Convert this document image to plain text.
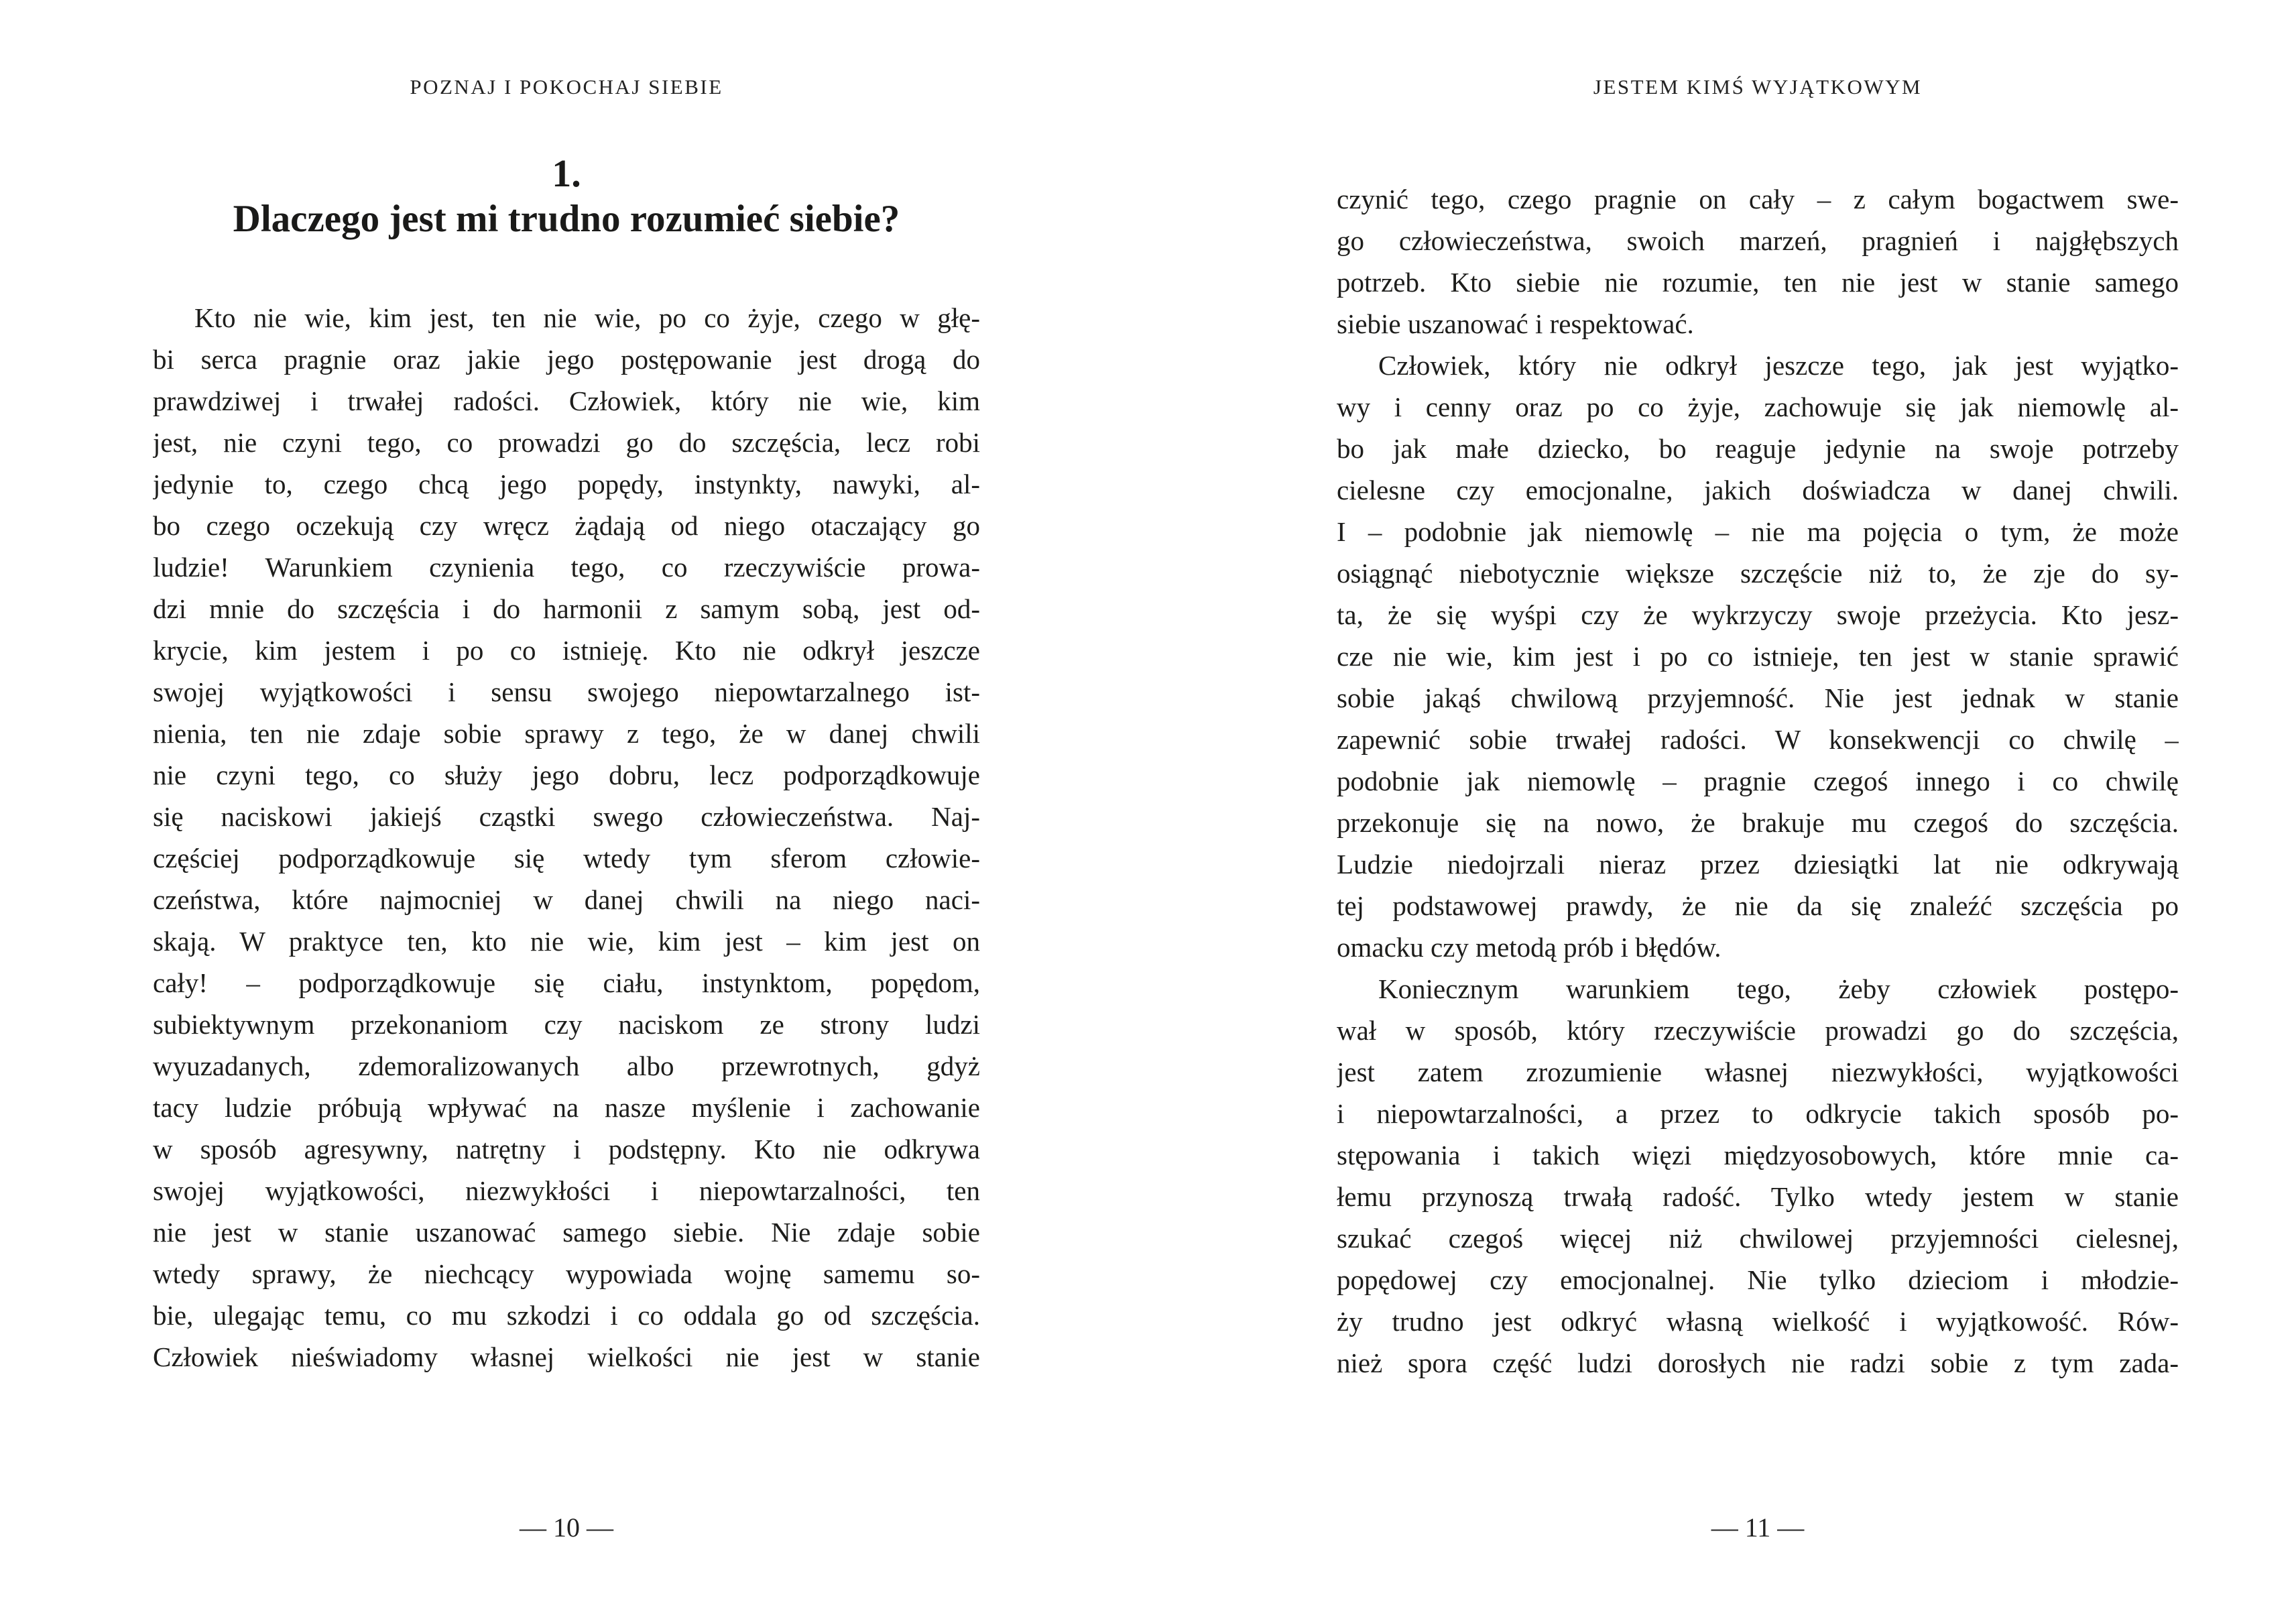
POZNAJ I POKOCHAJ SIEBIE
1.
Dlaczego jest mi trudno rozumieć siebie?
Kto nie wie, kim jest, ten nie wie, po co żyje, czego w głę-
bi serca pragnie oraz jakie jego postępowanie jest drogą do
prawdziwej i trwałej radości. Człowiek, który nie wie, kim
jest, nie czyni tego, co prowadzi go do szczęścia, lecz robi
jedynie to, czego chcą jego popędy, instynkty, nawyki, al-
bo czego oczekują czy wręcz żądają od niego otaczający go
ludzie! Warunkiem czynienia tego, co rzeczywiście prowa-
dzi mnie do szczęścia i do harmonii z samym sobą, jest od-
krycie, kim jestem i po co istnieję. Kto nie odkrył jeszcze
swojej wyjątkowości i sensu swojego niepowtarzalnego ist-
nienia, ten nie zdaje sobie sprawy z tego, że w danej chwili
nie czyni tego, co służy jego dobru, lecz podporządkowuje
się naciskowi jakiejś cząstki swego człowieczeństwa. Naj-
częściej podporządkowuje się wtedy tym sferom człowie-
czeństwa, które najmocniej w danej chwili na niego naci-
skają. W praktyce ten, kto nie wie, kim jest – kim jest on
cały! – podporządkowuje się ciału, instynktom, popędom,
subiektywnym przekonaniom czy naciskom ze strony ludzi
wyuzadanych, zdemoralizowanych albo przewrotnych, gdyż
tacy ludzie próbują wpływać na nasze myślenie i zachowanie
w sposób agresywny, natrętny i podstępny. Kto nie odkrywa
swojej wyjątkowości, niezwykłości i niepowtarzalności, ten
nie jest w stanie uszanować samego siebie. Nie zdaje sobie
wtedy sprawy, że niechcący wypowiada wojnę samemu so-
bie, ulegając temu, co mu szkodzi i co oddala go od szczęścia.
Człowiek nieświadomy własnej wielkości nie jest w stanie
— 10 —
JESTEM KIMŚ WYJĄTKOWYM
czynić tego, czego pragnie on cały – z całym bogactwem swe-
go człowieczeństwa, swoich marzeń, pragnień i najgłębszych
potrzeb. Kto siebie nie rozumie, ten nie jest w stanie samego
siebie uszanować i respektować.
Człowiek, który nie odkrył jeszcze tego, jak jest wyjątko-
wy i cenny oraz po co żyje, zachowuje się jak niemowlę al-
bo jak małe dziecko, bo reaguje jedynie na swoje potrzeby
cielesne czy emocjonalne, jakich doświadcza w danej chwili.
I – podobnie jak niemowlę – nie ma pojęcia o tym, że może
osiągnąć niebotycznie większe szczęście niż to, że zje do sy-
ta, że się wyśpi czy że wykrzyczy swoje przeżycia. Kto jesz-
cze nie wie, kim jest i po co istnieje, ten jest w stanie sprawić
sobie jakąś chwilową przyjemność. Nie jest jednak w stanie
zapewnić sobie trwałej radości. W konsekwencji co chwilę –
podobnie jak niemowlę – pragnie czegoś innego i co chwilę
przekonuje się na nowo, że brakuje mu czegoś do szczęścia.
Ludzie niedojrzali nieraz przez dziesiątki lat nie odkrywają
tej podstawowej prawdy, że nie da się znaleźć szczęścia po
omacku czy metodą prób i błędów.
Koniecznym warunkiem tego, żeby człowiek postępo-
wał w sposób, który rzeczywiście prowadzi go do szczęścia,
jest zatem zrozumienie własnej niezwykłości, wyjątkowości
i niepowtarzalności, a przez to odkrycie takich sposób po-
stępowania i takich więzi międzyosobowych, które mnie ca-
łemu przynoszą trwałą radość. Tylko wtedy jestem w stanie
szukać czegoś więcej niż chwilowej przyjemności cielesnej,
popędowej czy emocjonalnej. Nie tylko dzieciom i młodzie-
ży trudno jest odkryć własną wielkość i wyjątkowość. Rów-
nież spora część ludzi dorosłych nie radzi sobie z tym zada-
— 11 —
